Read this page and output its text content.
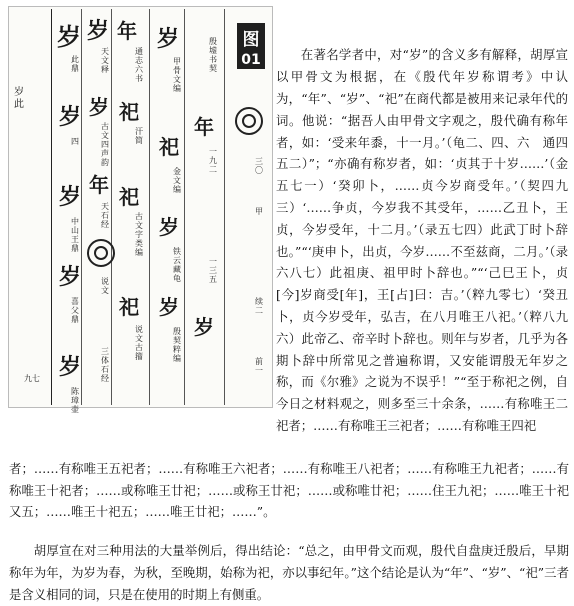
岁此
九七
岁
岁
岁
岁
岁
岁
岁
年
年
祀
祀
祀
岁
祀
岁
岁
年
岁
此鼎
四
中山王鼎
喜父鼎
陈璋壶
天文释
古文四声韵
天石经
说文
三体石经
通志六书
汗简
古文字类编
说文古籀
甲骨文编
金文编
铁云藏龟
殷契粹编
殷墟书契
一九二
一三五
三〇
甲
续二
前一
图
01	在著名学者中，对“岁”的含义多有解释，胡厚宣以甲骨文为根据，在《殷代年岁称谓考》中认为，“年”、“岁”、“祀”在商代都是被用来记录年代的词。他说：“据吾人由甲骨文字观之，殷代确有称年者，如：‘受来年黍，十一月。’（龟二、四、六　通四五二）”；“亦确有称岁者，如：‘贞其于十岁……’（金五七一）‘癸卯卜，……贞今岁商受年。’（契四九三）‘……争贞，今岁我不其受年，……乙丑卜，王贞，今岁受年，十二月。’（录五七四）此武丁时卜辞也。”“‘庚申卜，出贞，今岁……不至兹商，二月。’（录六八七）此祖庚、祖甲时卜辞也。”“‘己巳王卜，贞[今]岁商受[年]，王[占]曰：吉。’（粹九零七）‘癸丑卜，贞今岁受年，弘吉，在八月唯王八祀。’（粹八九六）此帝乙、帝辛时卜辞也。则年与岁者，几乎为各期卜辞中所常见之普遍称谓，又安能谓殷无年岁之称，而《尔雅》之说为不误乎！”“至于称祀之例，自今日之材料观之，则多至三十余条，……有称唯王二祀者；……有称唯王三祀者；……有称唯王四祀

者；……有称唯王五祀者；……有称唯王六祀者；……有称唯王八祀者；……有称唯王九祀者；……有称唯王十祀者；……或称唯王廿祀；……或称王廿祀；……或称唯廿祀；……住王九祀；……唯王十祀又五；……唯王十祀五；……唯王廿祀；……”。

胡厚宣在对三种用法的大量举例后，得出结论：“总之，由甲骨文而观，殷代自盘庚迁殷后，早期称年为年，为岁为春，为秋，至晚期，始称为祀，亦以事纪年。”这个结论是认为“年”、“岁”、“祀”三者是含义相同的词，只是在使用的时期上有侧重。
